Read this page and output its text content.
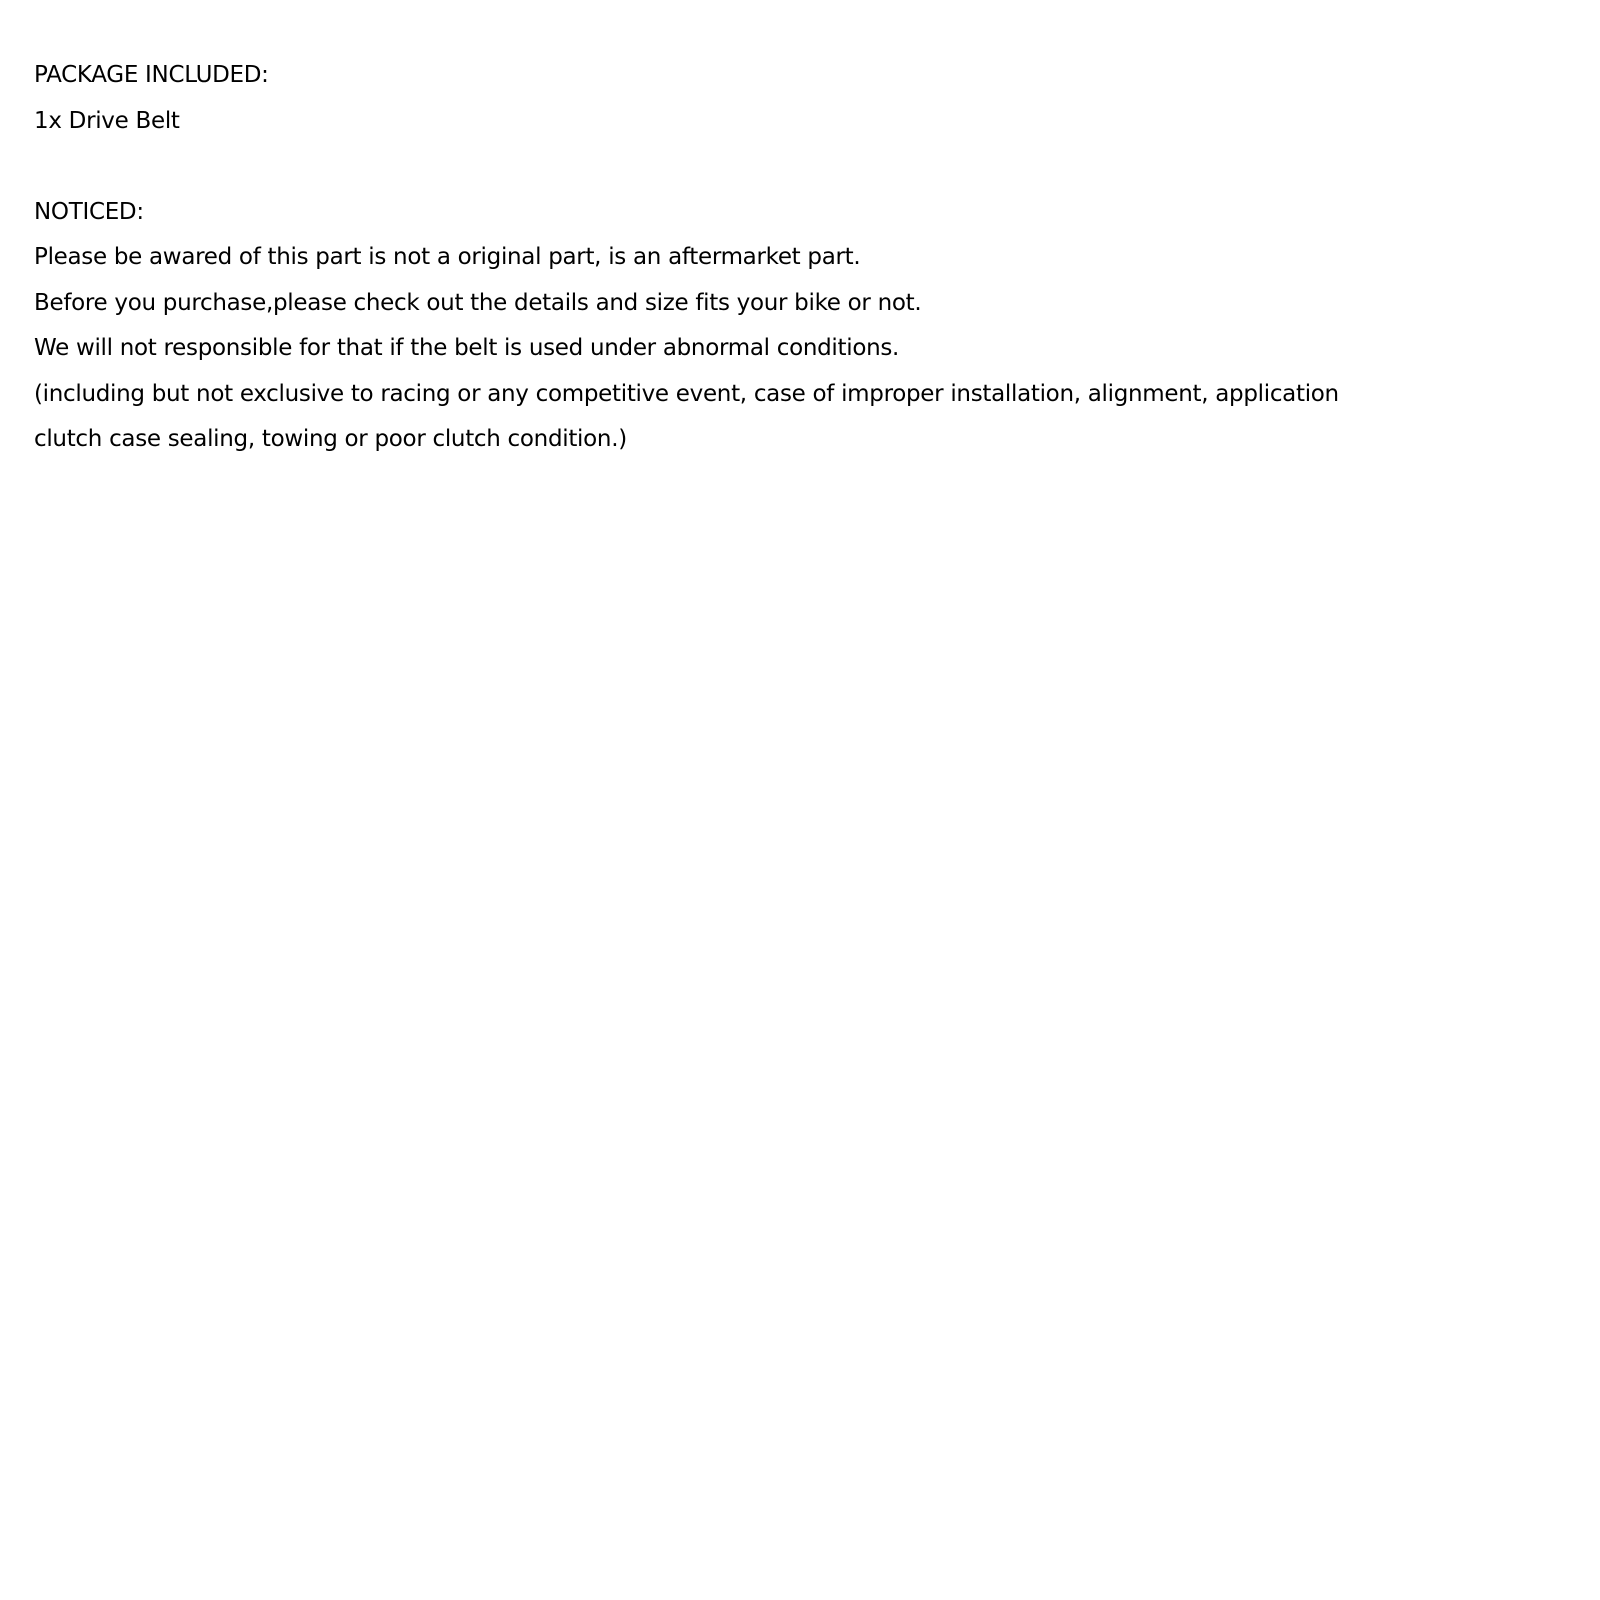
PACKAGE INCLUDED:
1x Drive Belt
NOTICED:
Please be awared of this part is not a original part, is an aftermarket part.
Before you purchase,please check out the details and size fits your bike or not.
We will not responsible for that if the belt is used under abnormal conditions.
(including but not exclusive to racing or any competitive event, case of improper installation, alignment, application
clutch case sealing, towing or poor clutch condition.)
